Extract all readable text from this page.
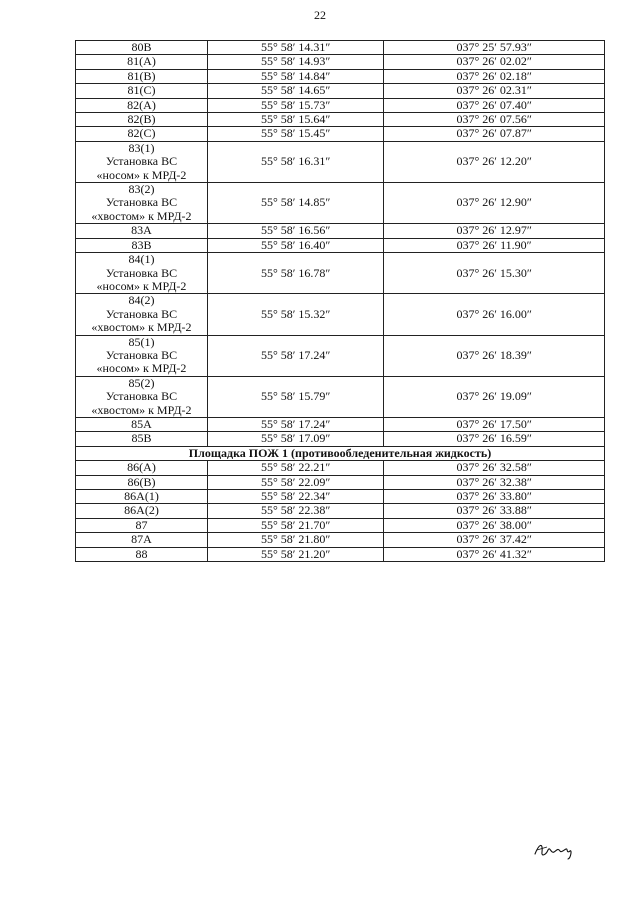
22
80B	55° 58′ 14.31″	037° 25′ 57.93″

81(A)	55° 58′ 14.93″	037° 26′ 02.02″

81(B)	55° 58′ 14.84″	037° 26′ 02.18″

81(C)	55° 58′ 14.65″	037° 26′ 02.31″

82(A)	55° 58′ 15.73″	037° 26′ 07.40″

82(B)	55° 58′ 15.64″	037° 26′ 07.56″

82(C)	55° 58′ 15.45″	037° 26′ 07.87″

83(1)
Установка ВС
«носом» к МРД-2	55° 58′ 16.31″	037° 26′ 12.20″

83(2)
Установка ВС
«хвостом» к МРД-2	55° 58′ 14.85″	037° 26′ 12.90″

83A	55° 58′ 16.56″	037° 26′ 12.97″

83B	55° 58′ 16.40″	037° 26′ 11.90″

84(1)
Установка ВС
«носом» к МРД-2	55° 58′ 16.78″	037° 26′ 15.30″

84(2)
Установка ВС
«хвостом» к МРД-2	55° 58′ 15.32″	037° 26′ 16.00″

85(1)
Установка ВС
«носом» к МРД-2	55° 58′ 17.24″	037° 26′ 18.39″

85(2)
Установка ВС
«хвостом» к МРД-2	55° 58′ 15.79″	037° 26′ 19.09″

85A	55° 58′ 17.24″	037° 26′ 17.50″

85B	55° 58′ 17.09″	037° 26′ 16.59″
Площадка ПОЖ 1 (противообледенительная жидкость)		

86(A)	55° 58′ 22.21″	037° 26′ 32.58″

86(B)	55° 58′ 22.09″	037° 26′ 32.38″

86A(1)	55° 58′ 22.34″	037° 26′ 33.80″

86A(2)	55° 58′ 22.38″	037° 26′ 33.88″

87	55° 58′ 21.70″	037° 26′ 38.00″

87A	55° 58′ 21.80″	037° 26′ 37.42″

88	55° 58′ 21.20″	037° 26′ 41.32″
